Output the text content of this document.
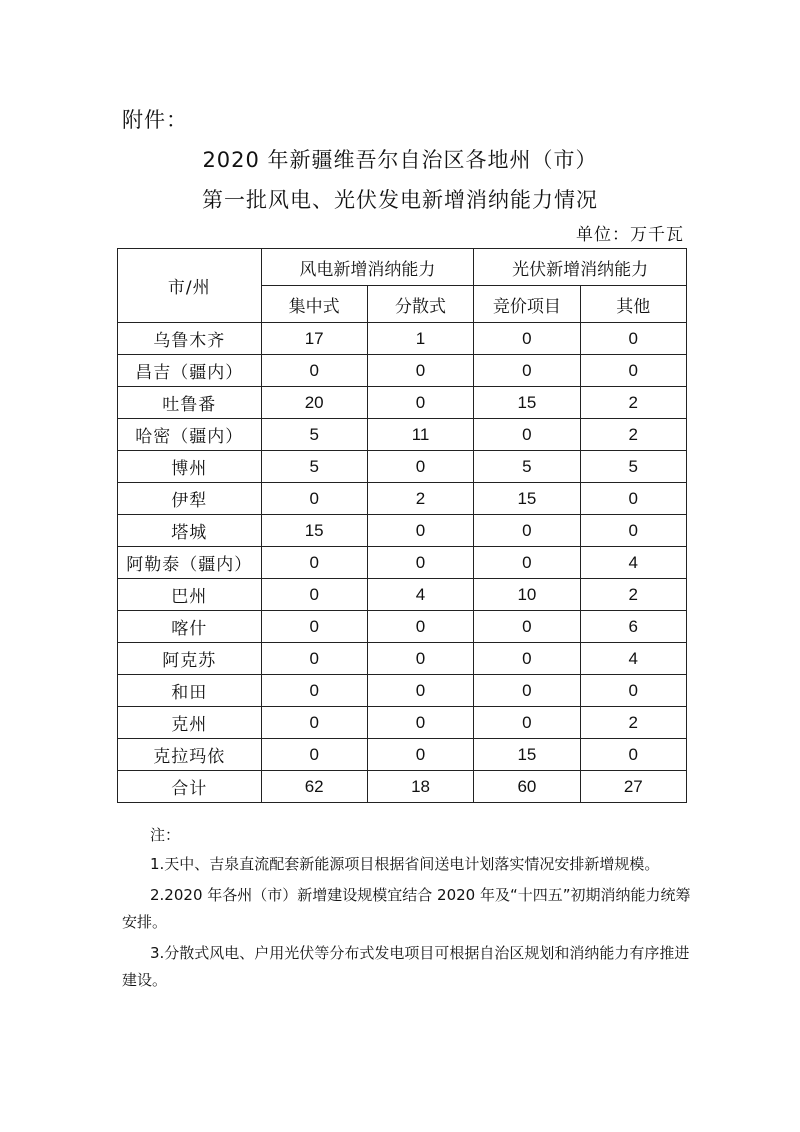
附件：
2020 年新疆维吾尔自治区各地州（市）
第一批风电、光伏发电新增消纳能力情况
单位：万千瓦
市/州	风电新增消纳能力		光伏新增消纳能力	
	集中式	分散式	竞价项目	其他
乌鲁木齐	17	1	0	0
昌吉（疆内）	0	0	0	0
吐鲁番	20	0	15	2
哈密（疆内）	5	11	0	2
博州	5	0	5	5
伊犁	0	2	15	0
塔城	15	0	0	0
阿勒泰（疆内）	0	0	0	4
巴州	0	4	10	2
喀什	0	0	0	6
阿克苏	0	0	0	4
和田	0	0	0	0
克州	0	0	0	2
克拉玛依	0	0	15	0
合计	62	18	60	27
注：
1.天中、吉泉直流配套新能源项目根据省间送电计划落实情况安排新增规模。
2.2020 年各州（市）新增建设规模宜结合 2020 年及“十四五”初期消纳能力统筹安排。
3.分散式风电、户用光伏等分布式发电项目可根据自治区规划和消纳能力有序推进建设。
